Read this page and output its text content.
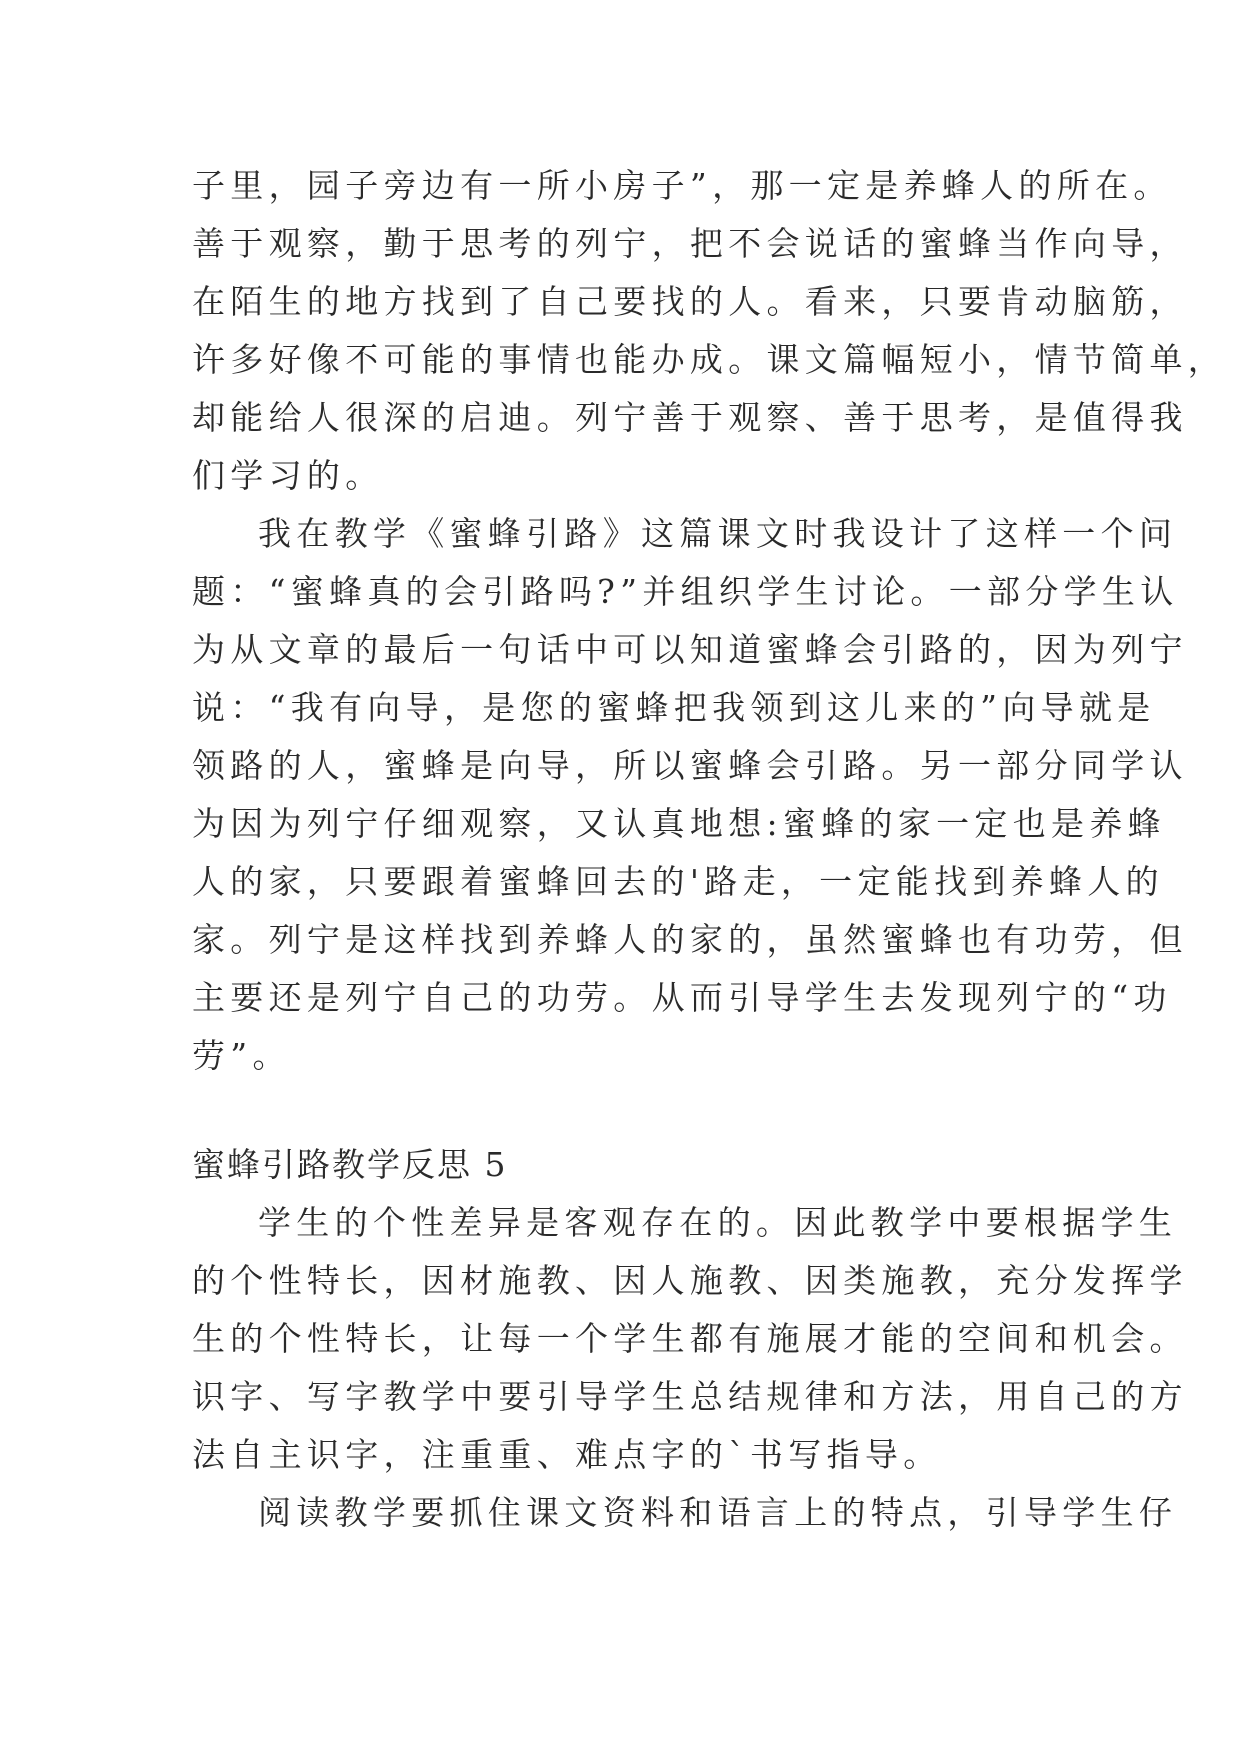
子里，园子旁边有一所小房子”，那一定是养蜂人的所在。
善于观察，勤于思考的列宁，把不会说话的蜜蜂当作向导，
在陌生的地方找到了自己要找的人。看来，只要肯动脑筋，
许多好像不可能的事情也能办成。课文篇幅短小，情节简单，
却能给人很深的启迪。列宁善于观察、善于思考，是值得我
们学习的。
我在教学《蜜蜂引路》这篇课文时我设计了这样一个问
题：“蜜蜂真的会引路吗?”并组织学生讨论。一部分学生认
为从文章的最后一句话中可以知道蜜蜂会引路的，因为列宁
说：“我有向导，是您的蜜蜂把我领到这儿来的”向导就是
领路的人，蜜蜂是向导，所以蜜蜂会引路。另一部分同学认
为因为列宁仔细观察，又认真地想:蜜蜂的家一定也是养蜂
人的家，只要跟着蜜蜂回去的'路走，一定能找到养蜂人的
家。列宁是这样找到养蜂人的家的，虽然蜜蜂也有功劳，但
主要还是列宁自己的功劳。从而引导学生去发现列宁的“功
劳”。
蜜蜂引路教学反思 5
学生的个性差异是客观存在的。因此教学中要根据学生
的个性特长，因材施教、因人施教、因类施教，充分发挥学
生的个性特长，让每一个学生都有施展才能的空间和机会。
识字、写字教学中要引导学生总结规律和方法，用自己的方
法自主识字，注重重、难点字的`书写指导。
阅读教学要抓住课文资料和语言上的特点，引导学生仔
